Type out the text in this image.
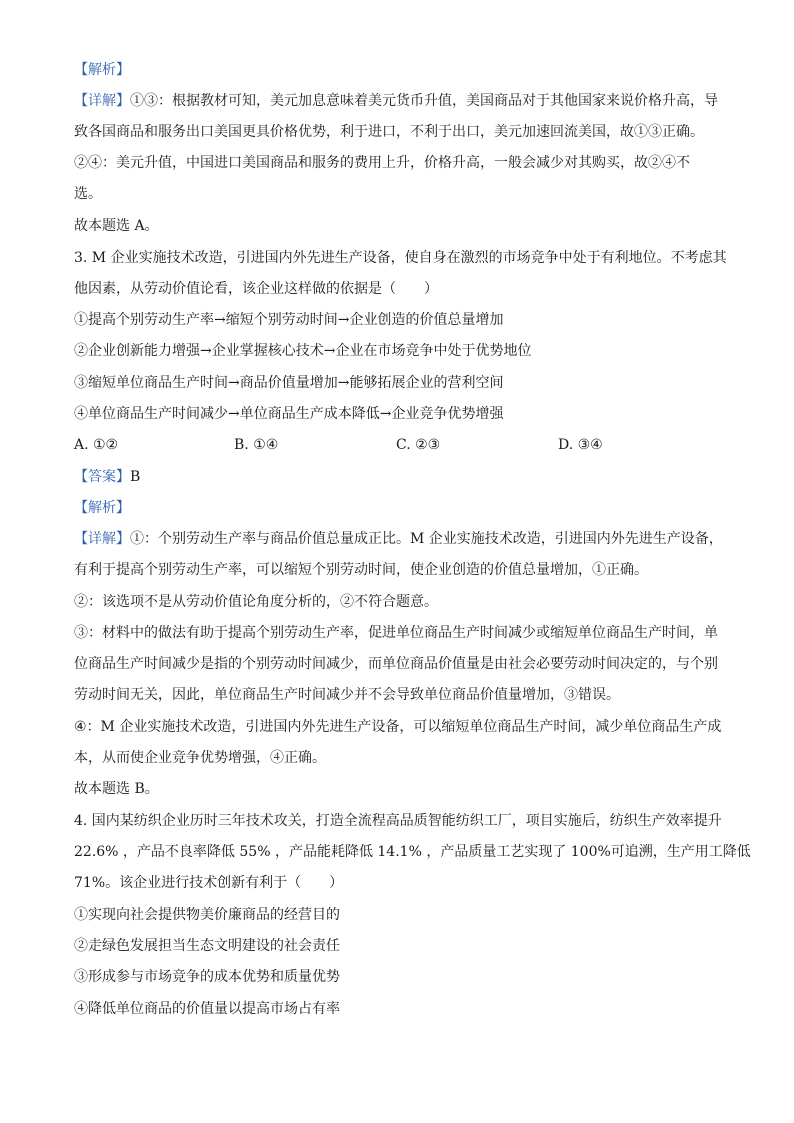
【解析】
【详解】①③：根据教材可知，美元加息意味着美元货币升值，美国商品对于其他国家来说价格升高，导
致各国商品和服务出口美国更具价格优势，利于进口，不利于出口，美元加速回流美国，故①③正确。
②④：美元升值，中国进口美国商品和服务的费用上升，价格升高，一般会减少对其购买，故②④不
选。
故本题选 A。
3. M 企业实施技术改造，引进国内外先进生产设备，使自身在激烈的市场竞争中处于有利地位。不考虑其
他因素，从劳动价值论看，该企业这样做的依据是（　　）
①提高个别劳动生产率→缩短个别劳动时间→企业创造的价值总量增加
②企业创新能力增强→企业掌握核心技术→企业在市场竞争中处于优势地位
③缩短单位商品生产时间→商品价值量增加→能够拓展企业的营利空间
④单位商品生产时间减少→单位商品生产成本降低→企业竞争优势增强
A. ①②	B. ①④	C. ②③	D. ③④
【答案】B
【解析】
【详解】①：个别劳动生产率与商品价值总量成正比。M 企业实施技术改造，引进国内外先进生产设备，
有利于提高个别劳动生产率，可以缩短个别劳动时间，使企业创造的价值总量增加，①正确。
②：该选项不是从劳动价值论角度分析的，②不符合题意。
③：材料中的做法有助于提高个别劳动生产率，促进单位商品生产时间减少或缩短单位商品生产时间，单
位商品生产时间减少是指的个别劳动时间减少，而单位商品价值量是由社会必要劳动时间决定的，与个别
劳动时间无关，因此，单位商品生产时间减少并不会导致单位商品价值量增加，③错误。
④：M 企业实施技术改造，引进国内外先进生产设备，可以缩短单位商品生产时间，减少单位商品生产成
本，从而使企业竞争优势增强，④正确。
故本题选 B。
4. 国内某纺织企业历时三年技术攻关，打造全流程高品质智能纺织工厂，项目实施后，纺织生产效率提升
22.6% ，产品不良率降低 55% ，产品能耗降低 14.1% ，产品质量工艺实现了 100%可追溯，生产用工降低
71%。该企业进行技术创新有利于（　　）
①实现向社会提供物美价廉商品的经营目的
②走绿色发展担当生态文明建设的社会责任
③形成参与市场竞争的成本优势和质量优势
④降低单位商品的价值量以提高市场占有率
